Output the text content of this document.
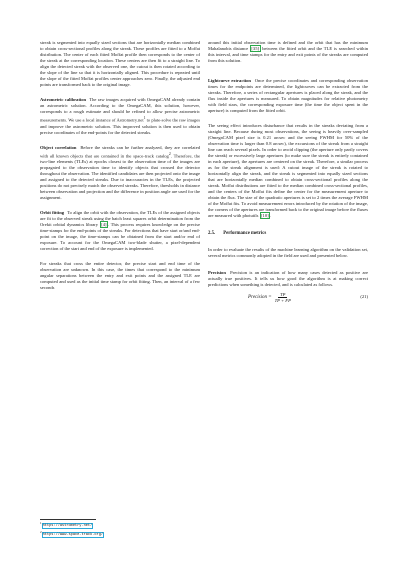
streak is segmented into equally sized sections that are horizontally median combined to obtain cross-sectional profiles along the streak. These profiles are fitted to a Moffat distribution. The center of each fitted Moffat profile then corresponds to the center of the streak at the corresponding location. These centers are then fit to a straight line. To align the detected streak with the observed one, the cutout is then rotated according to the slope of the line so that it is horizontally aligned. This procedure is repeated until the slope of the fitted Moffat profiles center approaches zero. Finally, the adjusted end points are transformed back to the original image.

Astrometric calibration The raw images acquired with OmegaCAM already contain an astrometric solution. According to the OmegaCAM, this solution, however, corresponds to a rough estimate and should be refined to allow precise astrometric measurements. We use a local instance of Astrometry.net$^1$ to plate-solve the raw images and improve the astrometric solution. This improved solution is then used to obtain precise coordinates of the end-points for the detected streaks.

Object correlation Before the streaks can be further analyzed, they are correlated with all known objects that are contained in the space-track catalog$^2$. Therefore, the two-line elements (TLEs) at epochs closest to the observation time of the images are propagated to the observation time to identify objects that crossed the detector throughout the observation. The identified candidates are then projected onto the image and assigned to the detected streaks. Due to inaccuracies in the TLEs, the projected positions do not precisely match the observed streaks. Therefore, thresholds in distance between observation and projection and the difference in position angle are used for the assignment.

Orbit fitting To align the orbit with the observation, the TLEs of the assigned objects are fit to the observed streak using the batch least squares orbit determination from the Orekit orbital dynamics library [4] . This process requires knowledge on the precise time-stamps for the end-points of the streaks. For detections that have start or/and end-point on the image, the time-stamps can be obtained from the start and/or end of exposure. To account for the OmegaCAM two-blade shutter, a pixel-dependent correction of the start and end of the exposure is implemented.

For streaks that cross the entire detector, the precise start and end time of the observation are unknown. In this case, the times that correspond to the minimum angular separations between the entry and exit points and the assigned TLE are computed and used as the initial time stamp for orbit fitting. Then, an interval of a few seconds

$^1$https://astrometry.net/
$^2$https://www.space-track.org/

around this initial observation time is defined and the orbit that has the minimum Mahalanobis distance [35] between the fitted orbit and the TLE is searched within this interval, and time stamps for the entry and exit points of the streaks are computed from this solution.

Lightcurve extraction Once the precise coordinates and corresponding observation times for the endpoints are determined, the lightcurves can be extracted from the streaks. Therefore, a series of rectangular apertures is placed along the streak, and the flux inside the apertures is measured. To obtain magnitudes for relative photometry with field stars, the corresponding exposure time (the time the object spent in the aperture) is computed from the fitted orbit.

The seeing effect introduces disturbance that results in the streaks deviating from a straight line. Because during most observations, the seeing is heavily over-sampled (OmegaCAM pixel size is 0.21 arcsec and the seeing FWHM for 50% of the observation time is larger than 0.8 arcsec), the excursions of the streak from a straight line can reach several pixels. In order to avoid clipping (the aperture only partly covers the streak) or excessively large apertures (to make sure the streak is entirely contained in each aperture), the apertures are centered on the streak. Therefore, a similar process as for the streak alignment is used: A cutout image of the streak is rotated to horizontally align the streak, and the streak is segmented into equally sized sections that are horizontally median combined to obtain cross-sectional profiles along the streak. Moffat distributions are fitted to the median combined cross-sectional profiles, and the centers of the Moffat fits define the center for the measurement aperture to obtain the flux. The size of the quadratic apertures is set to 2 times the average FWHM of the Moffat fits. To avoid measurement errors introduced by the rotation of the image, the corners of the apertures are transformed back to the original image before the fluxes are measured with photutils [10] .

2.5. Performance metrics

In order to evaluate the results of the machine learning algorithm on the validation set, several metrics commonly adopted in the field are used and presented below.

Precision Precision is an indication of how many cases detected as positive are actually true positives. It tells us how good the algorithm is at making correct predictions when something is detected, and is calculated as follows.

Precision = $\frac{TP}{TP + FP}$	(21)
